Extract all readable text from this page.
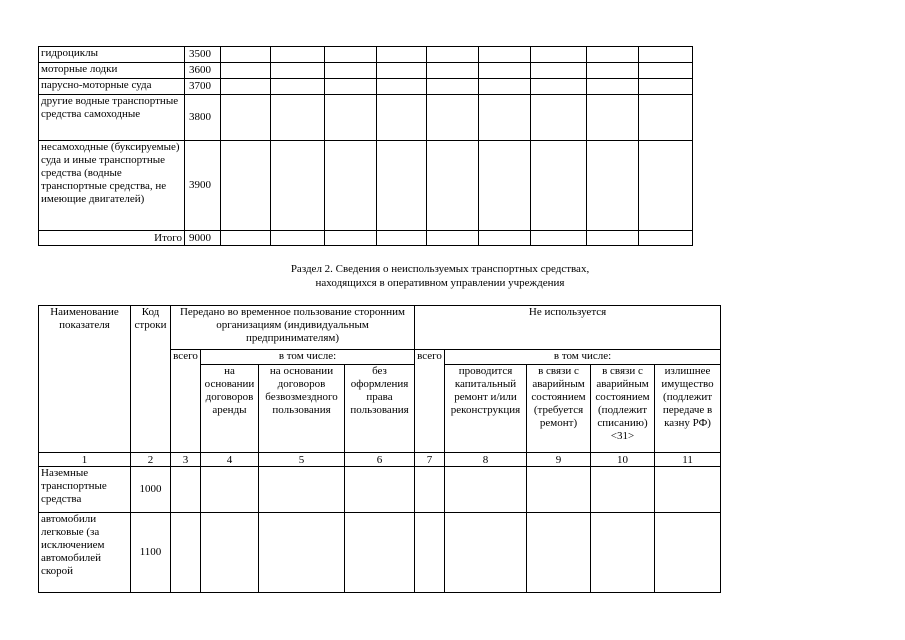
гидроциклы	3500									
моторные лодки	3600									
парусно-моторные суда	3700									
другие водные транспортные средства самоходные	3800									
несамоходные (буксируемые) суда и иные транспортные средства (водные транспортные средства, не имеющие двигателей)	3900									
Итого	9000									
Раздел 2. Сведения о неиспользуемых транспортных средствах,
находящихся в оперативном управлении учреждения
Наименование показателя	Код строки	Передано во временное пользование сторонним организациям (индивидуальным предпринимателям)				Не используется				
		всего	в том числе:			всего	в том числе:			
			на основании договоров аренды	на основании договоров безвозмездного пользования	без оформления права пользования		проводится капитальный ремонт и/или реконструкция	в связи с аварийным состоянием (требуется ремонт)	в связи с аварийным состоянием (подлежит списанию) <31>	излишнее имущество (подлежит передаче в казну РФ)
1	2	3	4	5	6	7	8	9	10	11
Наземные транспортные средства	1000									
автомобили легковые (за исключением автомобилей скорой	1100									
